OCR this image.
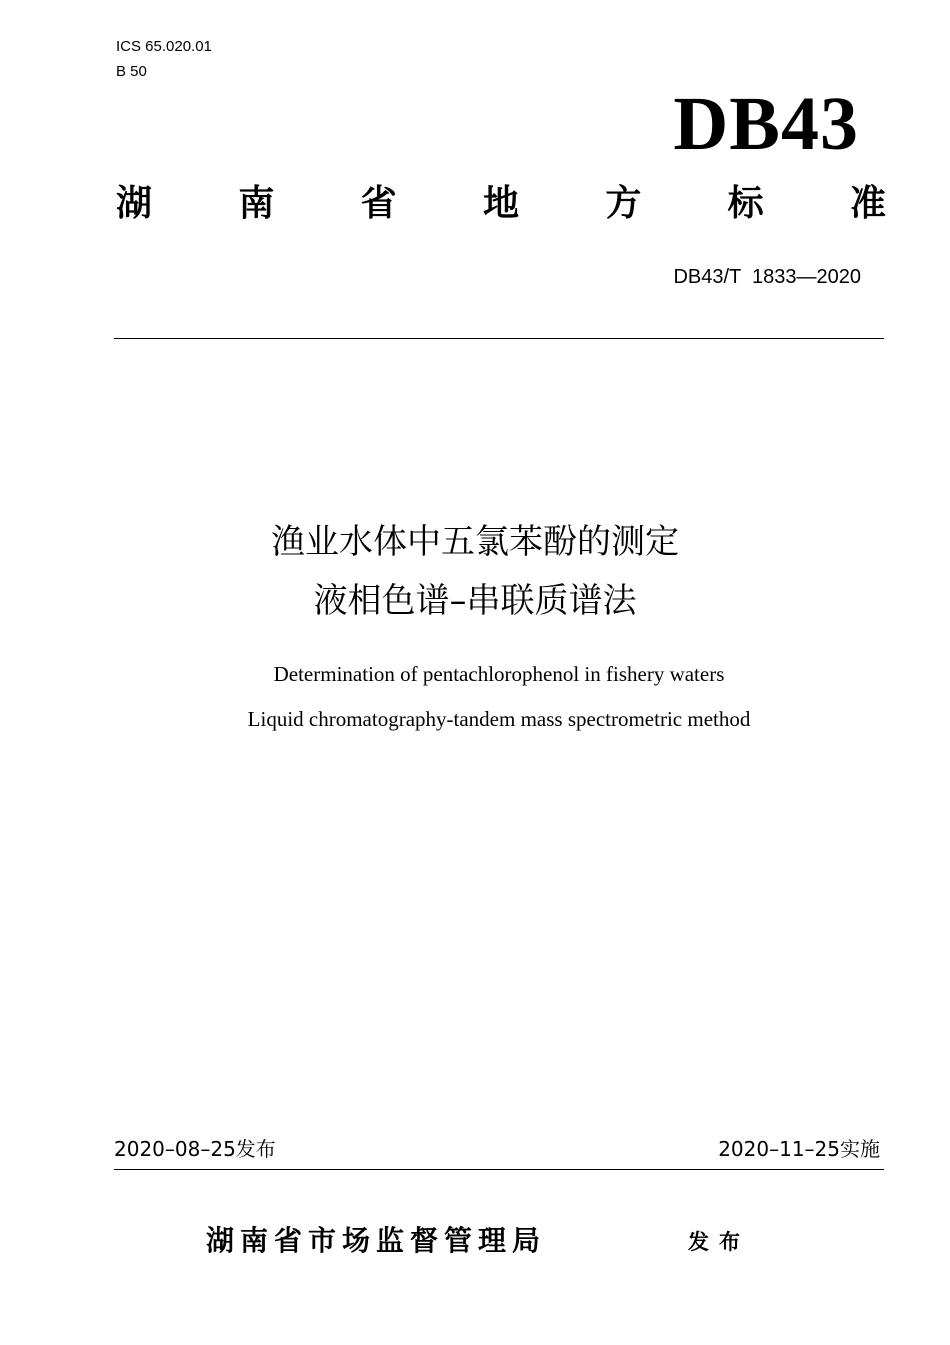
ICS 65.020.01
B 50
DB43
湖 南 省 地 方 标 准
DB43/T  1833—2020
渔业水体中五氯苯酚的测定
液相色谱–串联质谱法
Determination of pentachlorophenol in fishery waters
Liquid chromatography-tandem mass spectrometric method
2020–08–25发布	2020–11–25实施
湖南省市场监督管理局	发布
